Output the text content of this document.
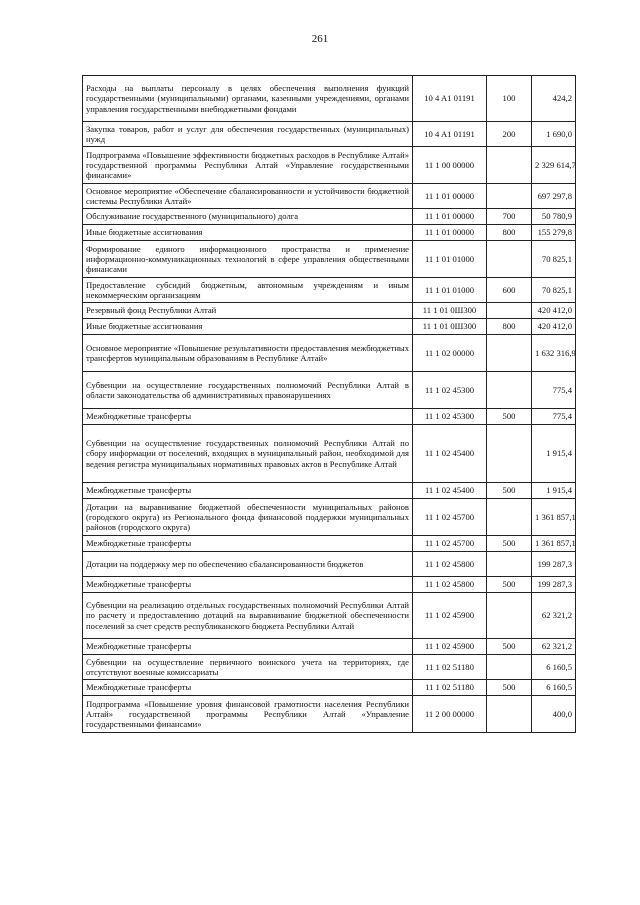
261
Расходы на выплаты персоналу в целях обеспечения выполнения функций государственными (муниципальными) органами, казенными учреждениями, органами управления государственными внебюджетными фондами	10 4 A1 01191	100	424,2
Закупка товаров, работ и услуг для обеспечения государственных (муниципальных) нужд	10 4 A1 01191	200	1 690,0
Подпрограмма «Повышение эффективности бюджетных расходов в Республике Алтай» государственной программы Республики Алтай «Управление государственными финансами»	11 1 00 00000		2 329 614,7
Основное мероприятие «Обеспечение сбалансированности и устойчивости бюджетной системы Республики Алтай»	11 1 01 00000		697 297,8
Обслуживание государственного (муниципального) долга	11 1 01 00000	700	50 780,9
Иные бюджетные ассигнования	11 1 01 00000	800	155 279,8
Формирование единого информационного пространства и применение информационно-коммуникационных технологий в сфере управления общественными финансами	11 1 01 01000		70 825,1
Предоставление субсидий бюджетным, автономным учреждениям и иным некоммерческим организациям	11 1 01 01000	600	70 825,1
Резервный фонд Республики Алтай	11 1 01 0Ш300		420 412,0
Иные бюджетные ассигнования	11 1 01 0Ш300	800	420 412,0
Основное мероприятие «Повышение результативности предоставления межбюджетных трансфертов муниципальным образованиям в Республике Алтай»	11 1 02 00000		1 632 316,9
Субвенции на осуществление государственных полномочий Республики Алтай в области законодательства об административных правонарушениях	11 1 02 45300		775,4
Межбюджетные трансферты	11 1 02 45300	500	775,4
Субвенции на осуществление государственных полномочий Республики Алтай по сбору информации от поселений, входящих в муниципальный район, необходимой для ведения регистра муниципальных нормативных правовых актов в Республике Алтай	11 1 02 45400		1 915,4
Межбюджетные трансферты	11 1 02 45400	500	1 915,4
Дотации на выравнивание бюджетной обеспеченности муниципальных районов (городского округа) из Регионального фонда финансовой поддержки муниципальных районов (городского округа)	11 1 02 45700		1 361 857,1
Межбюджетные трансферты	11 1 02 45700	500	1 361 857,1
Дотации на поддержку мер по обеспечению сбалансированности бюджетов	11 1 02 45800		199 287,3
Межбюджетные трансферты	11 1 02 45800	500	199 287,3
Субвенции на реализацию отдельных государственных полномочий Республики Алтай по расчету и предоставлению дотаций на выравнивание бюджетной обеспеченности поселений за счет средств республиканского бюджета Республики Алтай	11 1 02 45900		62 321,2
Межбюджетные трансферты	11 1 02 45900	500	62 321,2
Субвенции на осуществление первичного воинского учета на территориях, где отсутствуют военные комиссариаты	11 1 02 51180		6 160,5
Межбюджетные трансферты	11 1 02 51180	500	6 160,5
Подпрограмма «Повышение уровня финансовой грамотности населения Республики Алтай» государственной программы Республики Алтай «Управление государственными финансами»	11 2 00 00000		400,0
